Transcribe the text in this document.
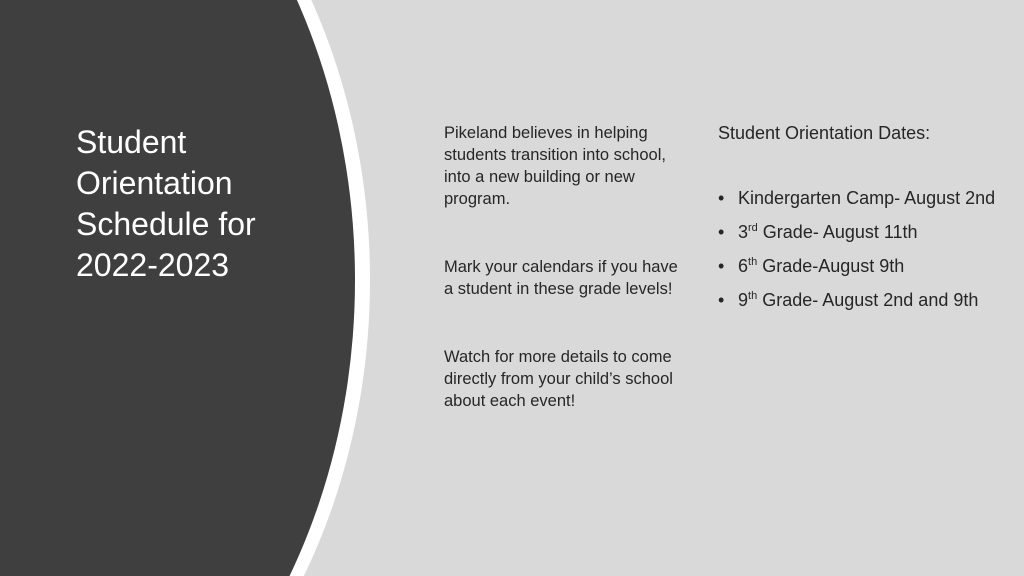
Student Orientation Schedule for 2022-2023

Pikeland believes in helping students transition into school, into a new building or new program.

Mark your calendars if you have a student in these grade levels!

Watch for more details to come directly from your child’s school about each event!

Student Orientation Dates:
• Kindergarten Camp- August 2nd
• 3rd Grade- August 11th
• 6th Grade-August 9th
• 9th Grade- August 2nd and 9th
